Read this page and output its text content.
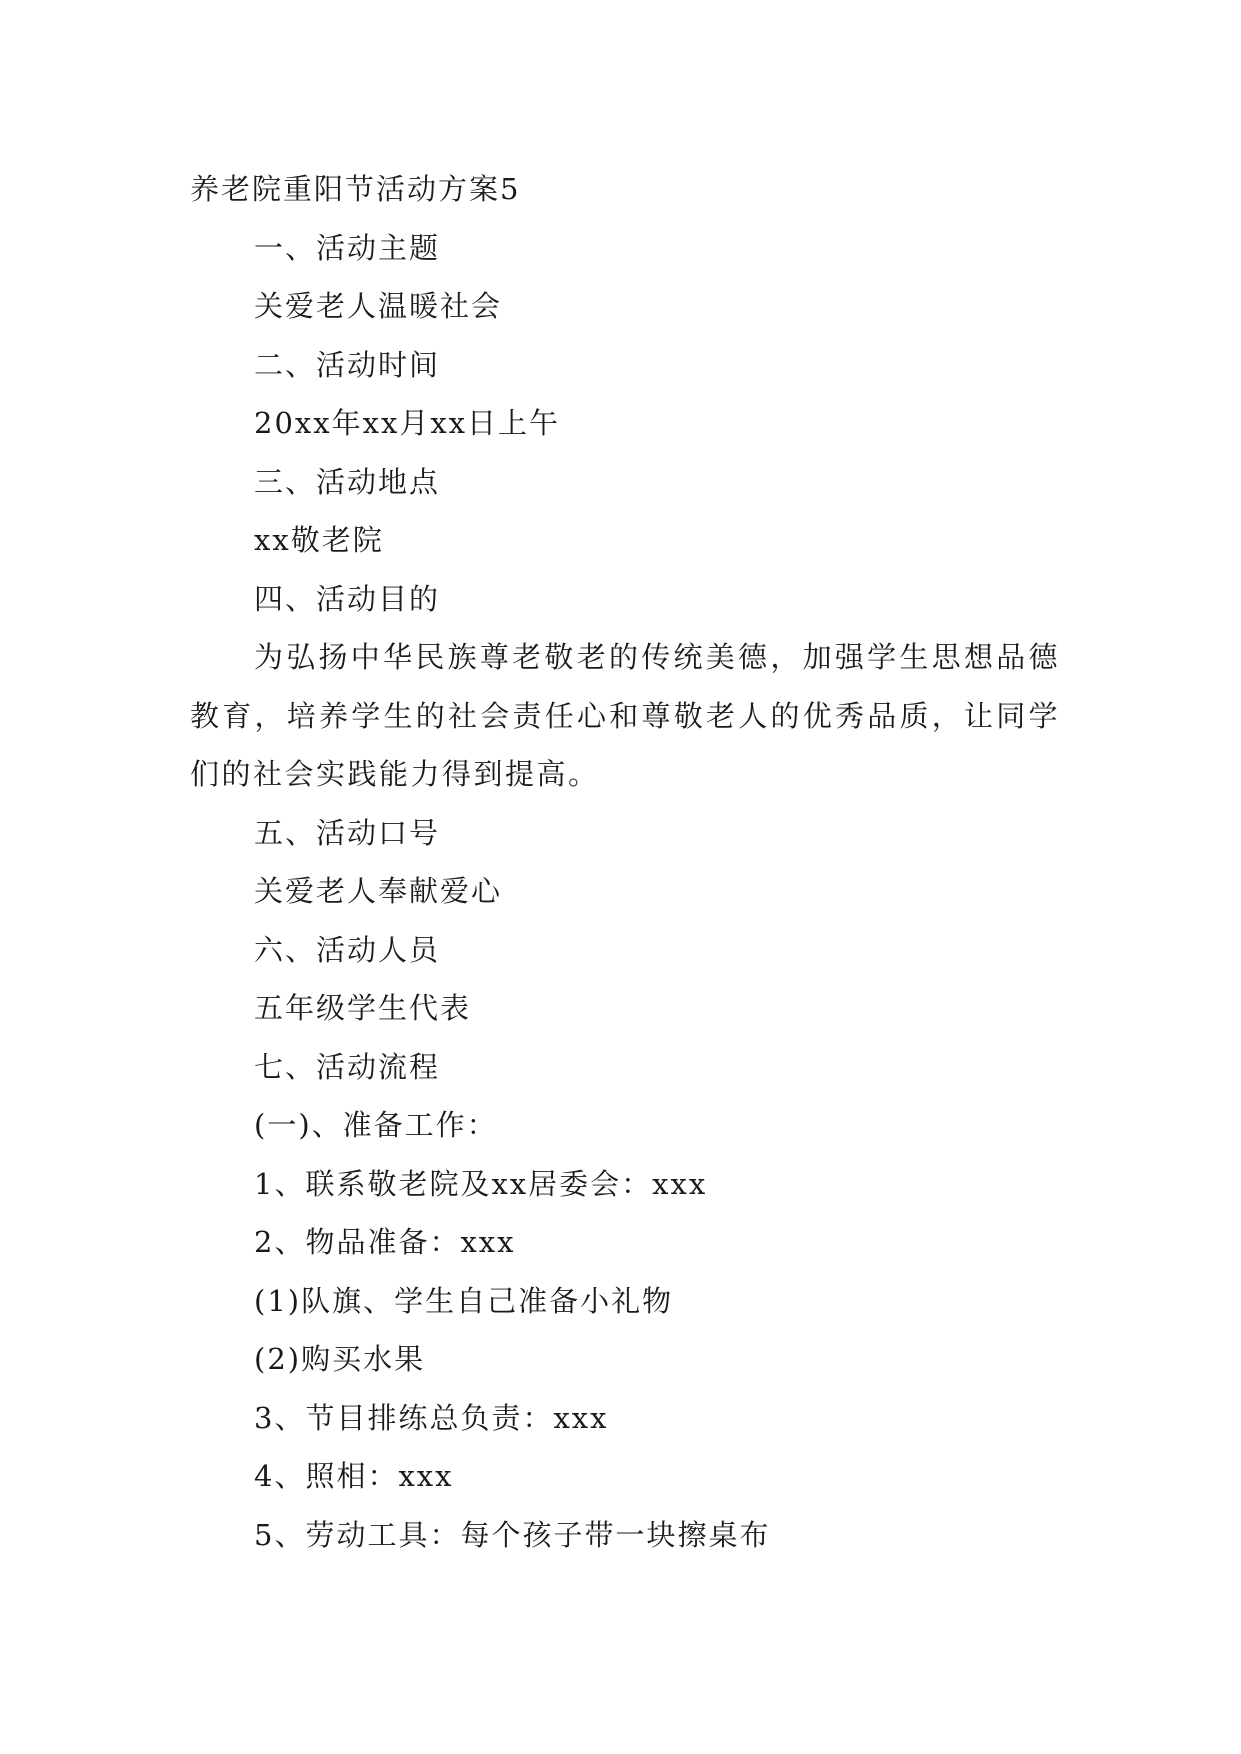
养老院重阳节活动方案5
一、活动主题
关爱老人温暖社会
二、活动时间
20xx年xx月xx日上午
三、活动地点
xx敬老院
四、活动目的

为弘扬中华民族尊老敬老的传统美德，加强学生思想品德教育，培养学生的社会责任心和尊敬老人的优秀品质，让同学们的社会实践能力得到提高。

五、活动口号
关爱老人奉献爱心
六、活动人员
五年级学生代表
七、活动流程
(一)、准备工作：
1、联系敬老院及xx居委会：xxx
2、物品准备：xxx
(1)队旗、学生自己准备小礼物
(2)购买水果
3、节目排练总负责：xxx
4、照相：xxx
5、劳动工具：每个孩子带一块擦桌布
